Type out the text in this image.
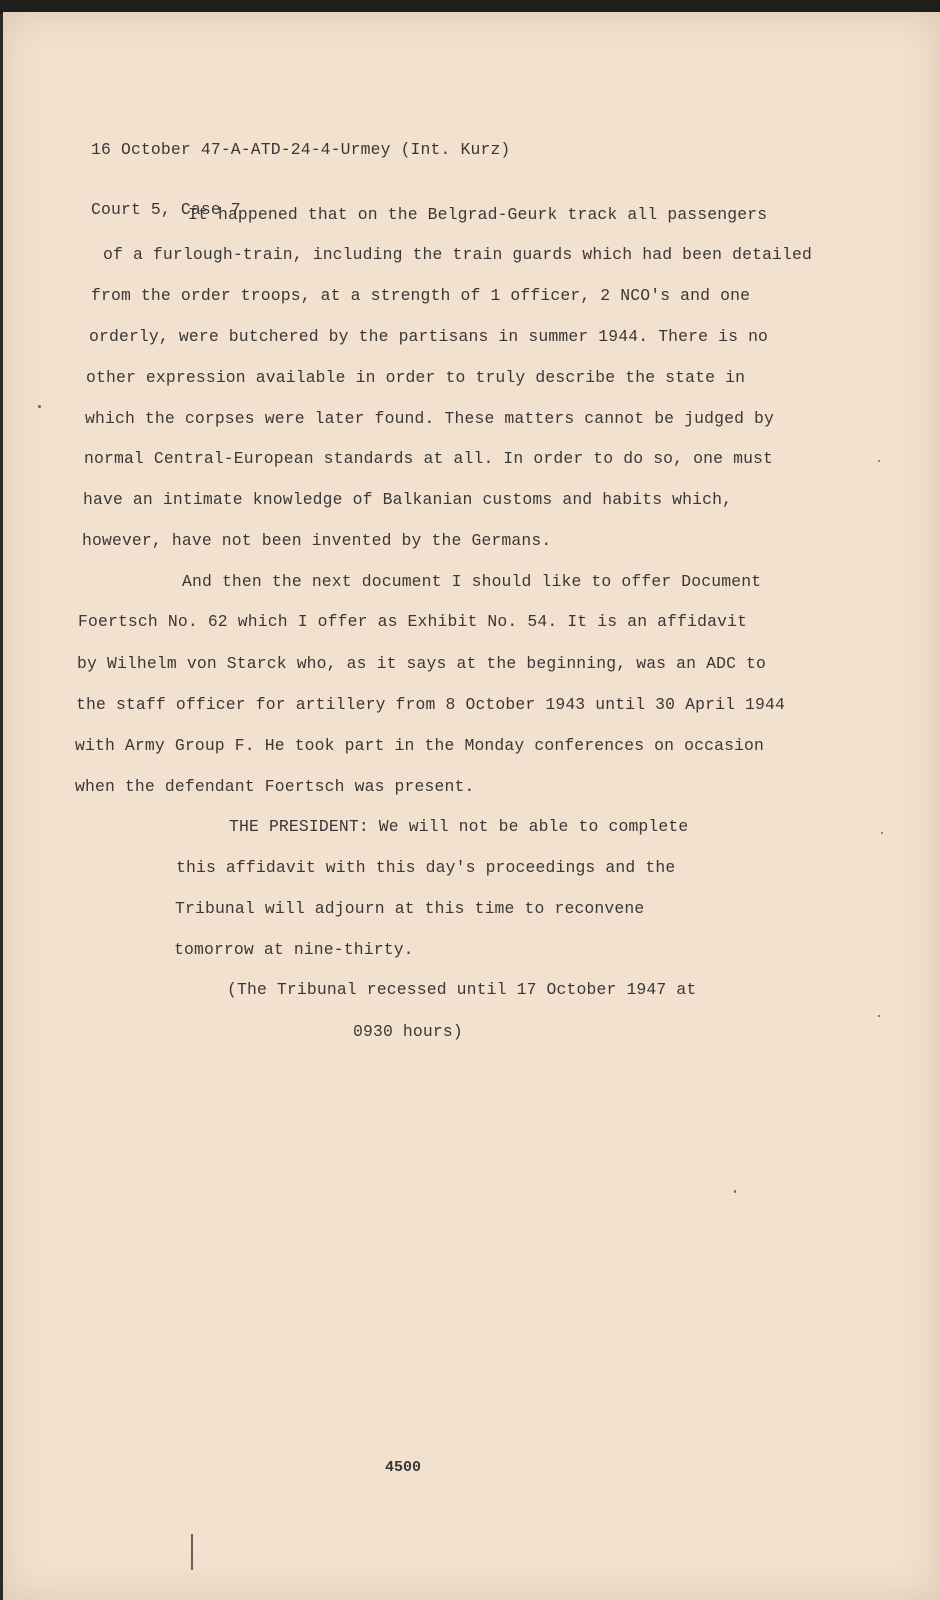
16 October 47-A-ATD-24-4-Urmey (Int. Kurz)

Court 5, Case 7

It happened that on the Belgrad-Geurk track all passengers
of a furlough-train, including the train guards which had been detailed
from the order troops, at a strength of 1 officer, 2 NCO's and one
orderly, were butchered by the partisans in summer 1944. There is no
other expression available in order to truly describe the state in
which the corpses were later found. These matters cannot be judged by
normal Central-European standards at all. In order to do so, one must
have an intimate knowledge of Balkanian customs and habits which,
however, have not been invented by the Germans.
And then the next document I should like to offer Document
Foertsch No. 62 which I offer as Exhibit No. 54. It is an affidavit
by Wilhelm von Starck who, as it says at the beginning, was an ADC to
the staff officer for artillery from 8 October 1943 until 30 April 1944
with Army Group F. He took part in the Monday conferences on occasion
when the defendant Foertsch was present.
THE PRESIDENT: We will not be able to complete
this affidavit with this day's proceedings and the
Tribunal will adjourn at this time to reconvene
tomorrow at nine-thirty.
(The Tribunal recessed until 17 October 1947 at
0930 hours)
4500
